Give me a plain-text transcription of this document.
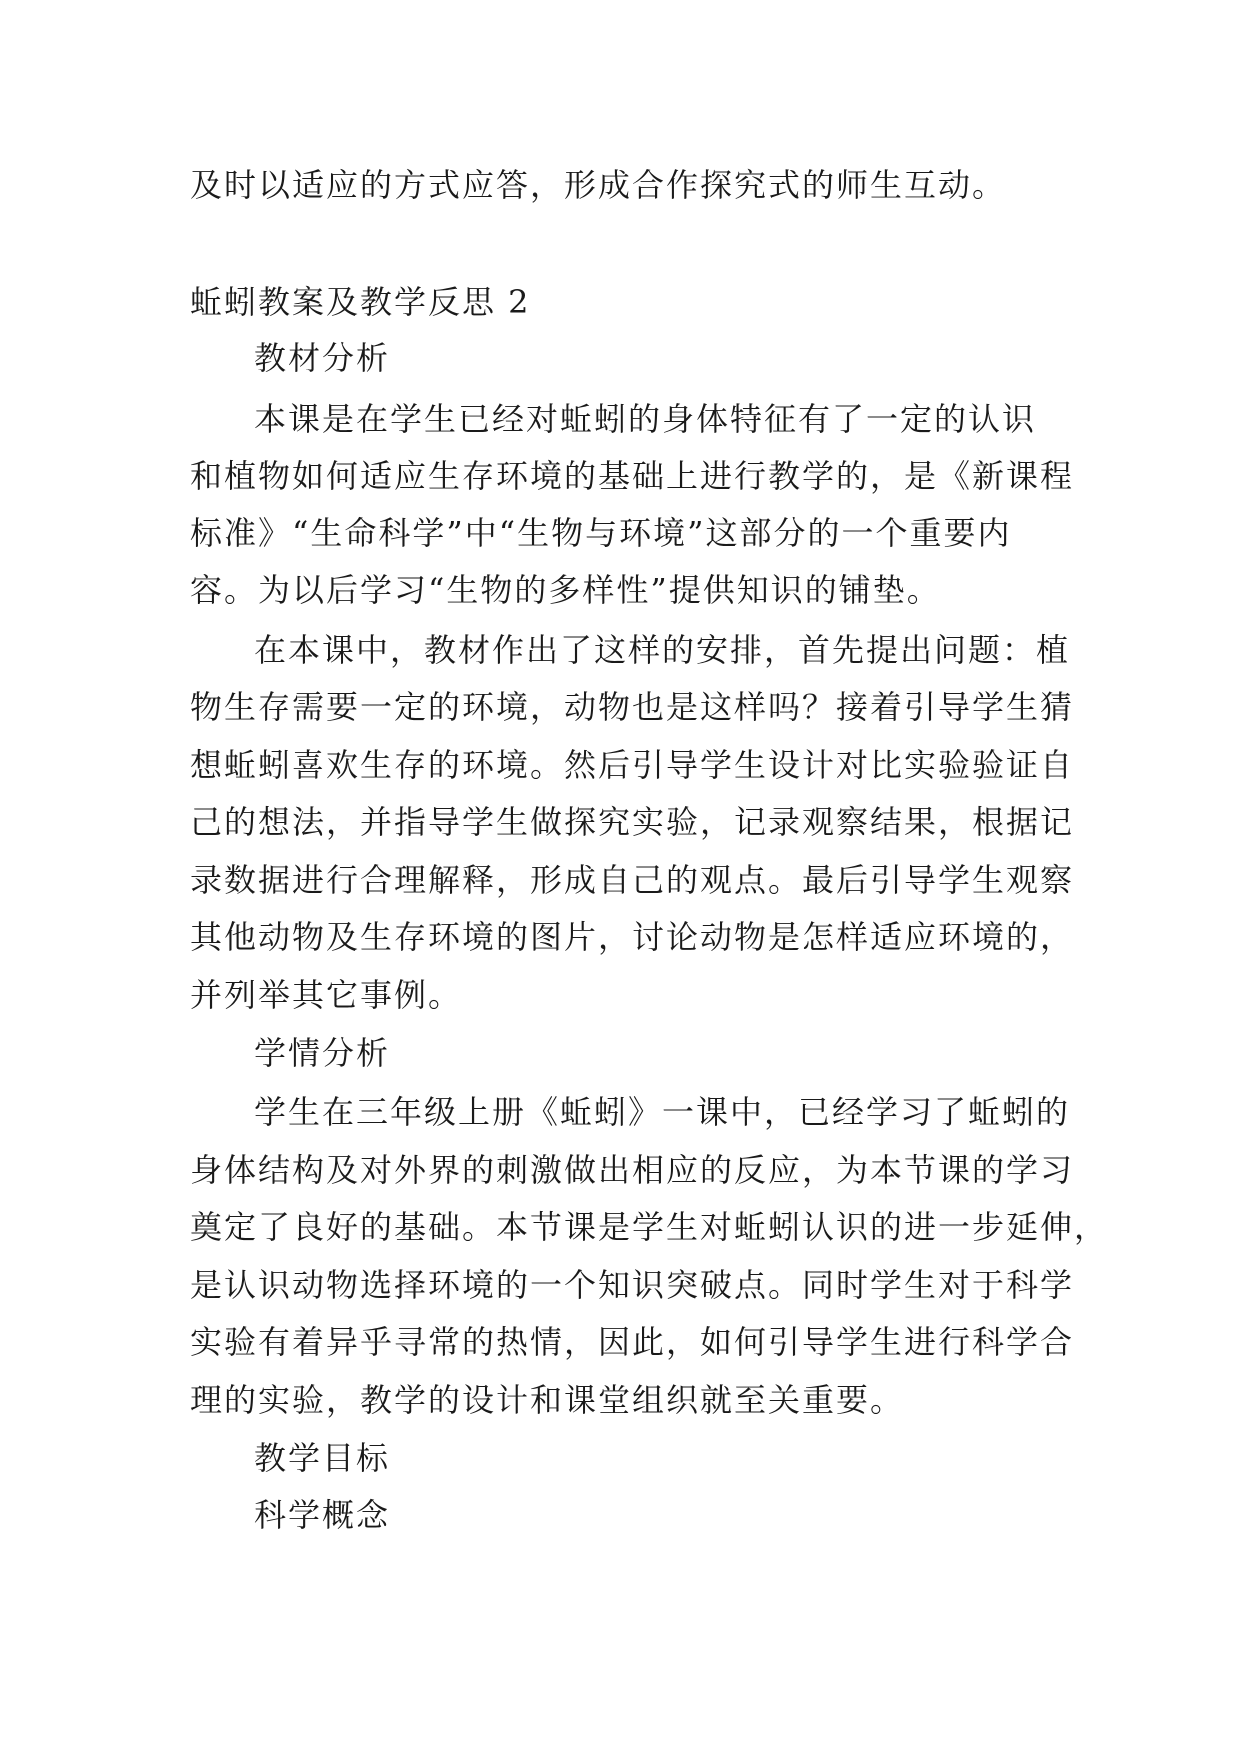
及时以适应的方式应答，形成合作探究式的师生互动。
蚯蚓教案及教学反思 2
教材分析
本课是在学生已经对蚯蚓的身体特征有了一定的认识
和植物如何适应生存环境的基础上进行教学的，是《新课程
标准》“生命科学”中“生物与环境”这部分的一个重要内
容。为以后学习“生物的多样性”提供知识的铺垫。
在本课中，教材作出了这样的安排，首先提出问题：植
物生存需要一定的环境，动物也是这样吗？接着引导学生猜
想蚯蚓喜欢生存的环境。然后引导学生设计对比实验验证自
己的想法，并指导学生做探究实验，记录观察结果，根据记
录数据进行合理解释，形成自己的观点。最后引导学生观察
其他动物及生存环境的图片，讨论动物是怎样适应环境的，
并列举其它事例。
学情分析
学生在三年级上册《蚯蚓》一课中，已经学习了蚯蚓的
身体结构及对外界的刺激做出相应的反应，为本节课的学习
奠定了良好的基础。本节课是学生对蚯蚓认识的进一步延伸，
是认识动物选择环境的一个知识突破点。同时学生对于科学
实验有着异乎寻常的热情，因此，如何引导学生进行科学合
理的实验，教学的设计和课堂组织就至关重要。
教学目标
科学概念
